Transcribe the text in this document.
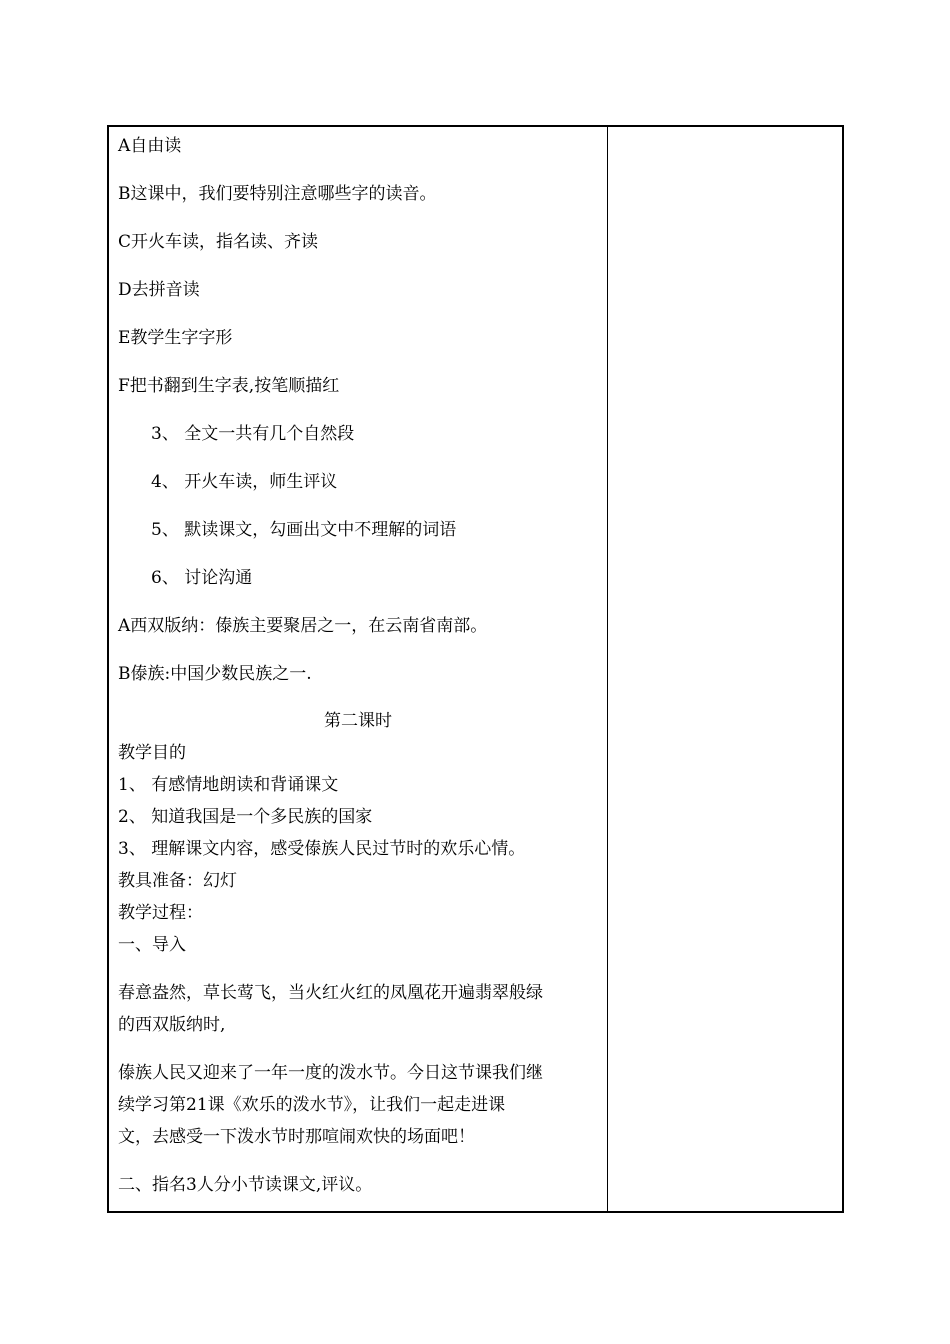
A自由读
B这课中，我们要特别注意哪些字的读音。
C开火车读，指名读、齐读
D去拼音读
E教学生字字形
F把书翻到生字表,按笔顺描红
3、 全文一共有几个自然段
4、 开火车读，师生评议
5、 默读课文，勾画出文中不理解的词语
6、 讨论沟通
A西双版纳：傣族主要聚居之一，在云南省南部。
B傣族:中国少数民族之一.
第二课时
教学目的
1、 有感情地朗读和背诵课文
2、 知道我国是一个多民族的国家
3、 理解课文内容，感受傣族人民过节时的欢乐心情。
教具准备：幻灯
教学过程：
一、导入
春意盎然，草长莺飞，当火红火红的凤凰花开遍翡翠般绿
的西双版纳时,
傣族人民又迎来了一年一度的泼水节。今日这节课我们继
续学习第21课《欢乐的泼水节》，让我们一起走进课
文，去感受一下泼水节时那喧闹欢快的场面吧！
二、指名3人分小节读课文,评议。
